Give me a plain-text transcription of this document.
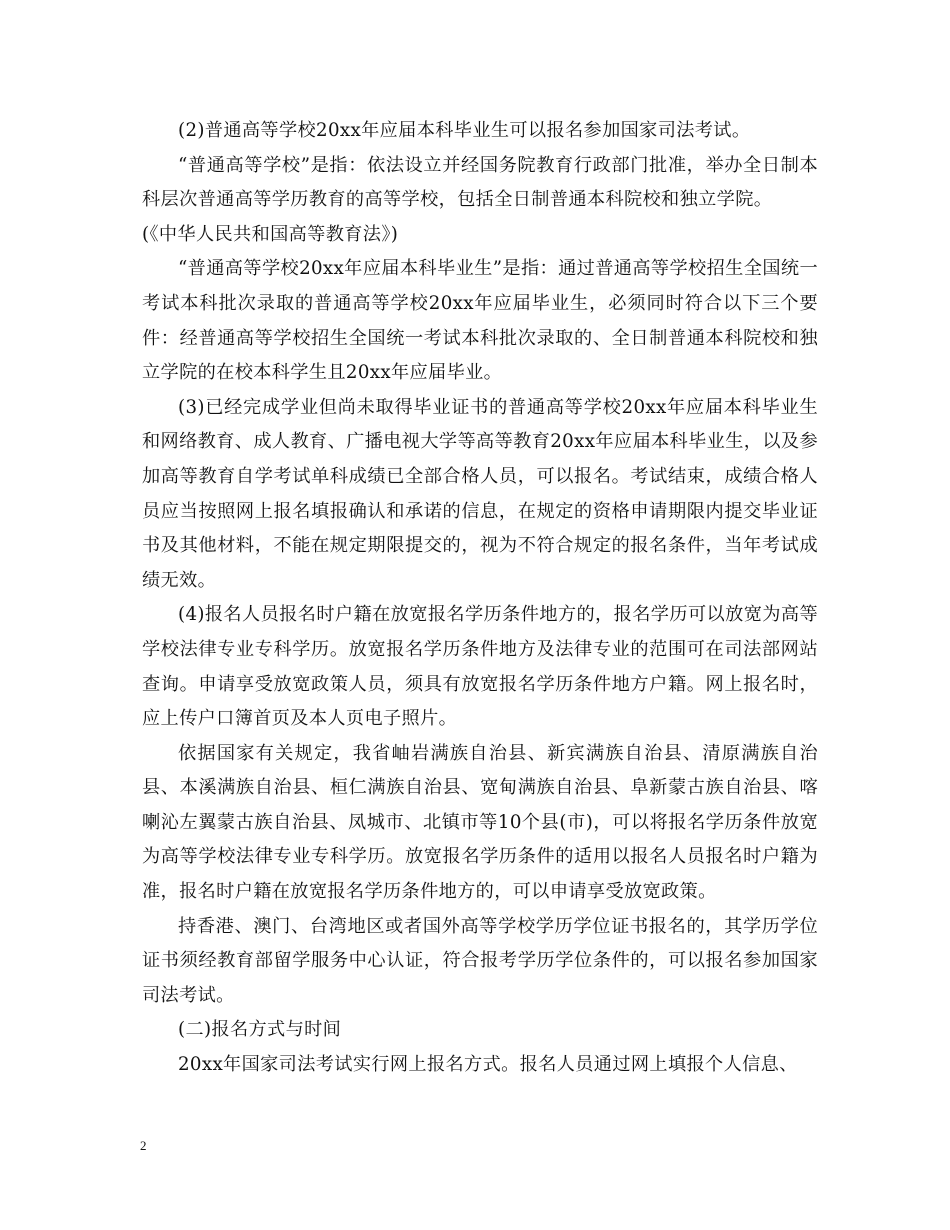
(2)普通高等学校20xx年应届本科毕业生可以报名参加国家司法考试。

“普通高等学校”是指：依法设立并经国务院教育行政部门批准，举办全日制本科层次普通高等学历教育的高等学校，包括全日制普通本科院校和独立学院。

(《中华人民共和国高等教育法》)

“普通高等学校20xx年应届本科毕业生”是指：通过普通高等学校招生全国统一考试本科批次录取的普通高等学校20xx年应届毕业生，必须同时符合以下三个要件：经普通高等学校招生全国统一考试本科批次录取的、全日制普通本科院校和独立学院的在校本科学生且20xx年应届毕业。

(3)已经完成学业但尚未取得毕业证书的普通高等学校20xx年应届本科毕业生和网络教育、成人教育、广播电视大学等高等教育20xx年应届本科毕业生，以及参加高等教育自学考试单科成绩已全部合格人员，可以报名。考试结束，成绩合格人员应当按照网上报名填报确认和承诺的信息，在规定的资格申请期限内提交毕业证书及其他材料，不能在规定期限提交的，视为不符合规定的报名条件，当年考试成绩无效。

(4)报名人员报名时户籍在放宽报名学历条件地方的，报名学历可以放宽为高等学校法律专业专科学历。放宽报名学历条件地方及法律专业的范围可在司法部网站查询。申请享受放宽政策人员，须具有放宽报名学历条件地方户籍。网上报名时，应上传户口簿首页及本人页电子照片。

依据国家有关规定，我省岫岩满族自治县、新宾满族自治县、清原满族自治县、本溪满族自治县、桓仁满族自治县、宽甸满族自治县、阜新蒙古族自治县、喀喇沁左翼蒙古族自治县、凤城市、北镇市等10个县(市)，可以将报名学历条件放宽为高等学校法律专业专科学历。放宽报名学历条件的适用以报名人员报名时户籍为准，报名时户籍在放宽报名学历条件地方的，可以申请享受放宽政策。

持香港、澳门、台湾地区或者国外高等学校学历学位证书报名的，其学历学位证书须经教育部留学服务中心认证，符合报考学历学位条件的，可以报名参加国家司法考试。

(二)报名方式与时间

20xx年国家司法考试实行网上报名方式。报名人员通过网上填报个人信息、

2
